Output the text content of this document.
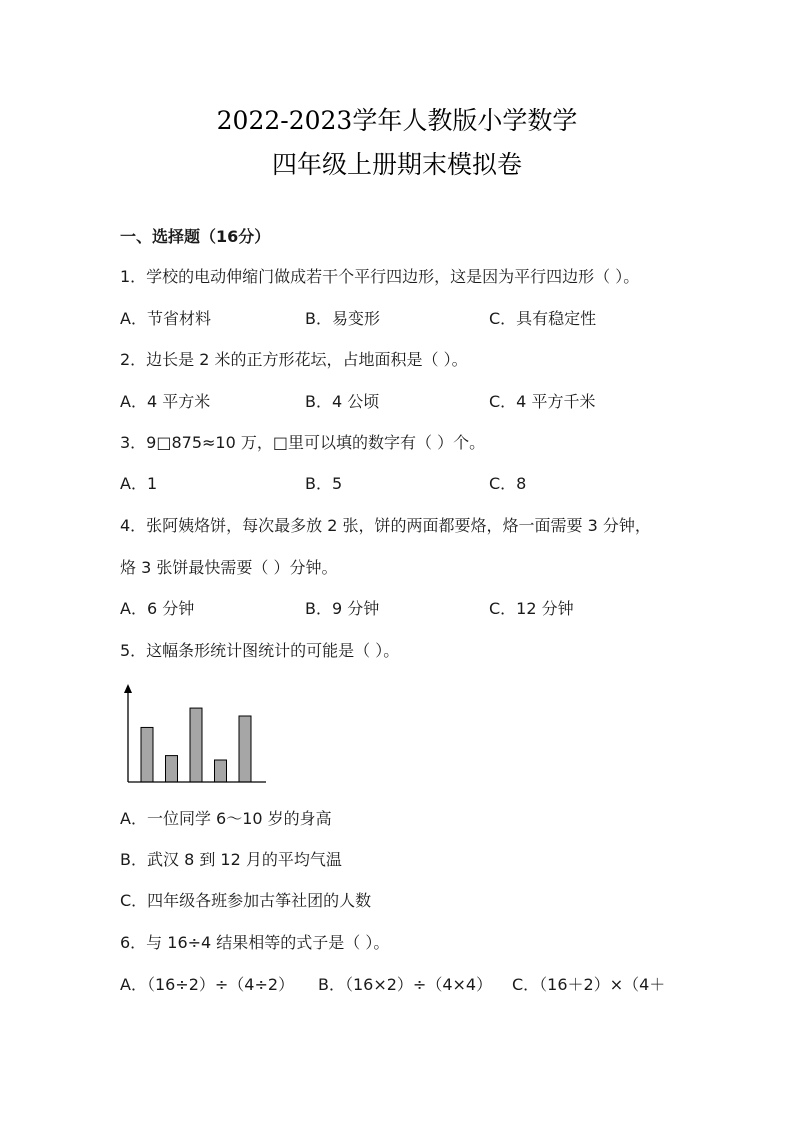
2022-2023学年人教版小学数学
四年级上册期末模拟卷
一、选择题（16分）
1．学校的电动伸缩门做成若干个平行四边形，这是因为平行四边形（ ）。
A．节省材料	B．易变形	C．具有稳定性
2．边长是 2 米的正方形花坛，占地面积是（ ）。
A．4 平方米	B．4 公顷	C．4 平方千米
3．9□875≈10 万，□里可以填的数字有（ ）个。
A．1	B．5	C．8
4．张阿姨烙饼，每次最多放 2 张，饼的两面都要烙，烙一面需要 3 分钟，
烙 3 张饼最快需要（ ）分钟。
A．6 分钟	B．9 分钟	C．12 分钟
5．这幅条形统计图统计的可能是（ ）。
A．一位同学 6～10 岁的身高
B．武汉 8 到 12 月的平均气温
C．四年级各班参加古筝社团的人数
6．与 16÷4 结果相等的式子是（ ）。
A．（16÷2）÷（4÷2） B．（16×2）÷（4×4） C．（16＋2）×（4＋
